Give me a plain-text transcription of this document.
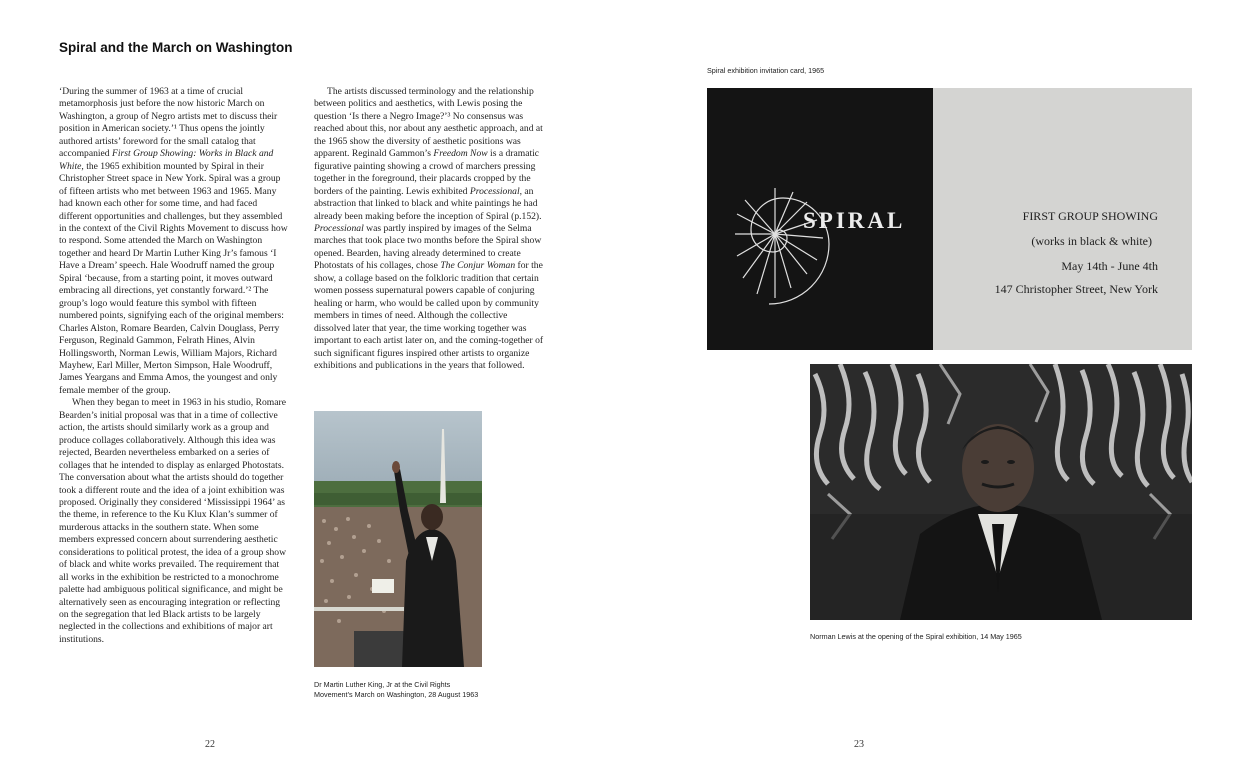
Spiral and the March on Washington

‘During the summer of 1963 at a time of crucial metamorphosis just before the now historic March on Washington, a group of Negro artists met to discuss their position in American society.’¹ Thus opens the jointly authored artists’ foreword for the small catalog that accompanied First Group Showing: Works in Black and White, the 1965 exhibition mounted by Spiral in their Christopher Street space in New York. Spiral was a group of fifteen artists who met between 1963 and 1965. Many had known each other for some time, and had faced different opportunities and challenges, but they assembled in the context of the Civil Rights Movement to discuss how to respond. Some attended the March on Washington together and heard Dr Martin Luther King Jr’s famous ‘I Have a Dream’ speech. Hale Woodruff named the group Spiral ‘because, from a starting point, it moves outward embracing all directions, yet constantly forward.’² The group’s logo would feature this symbol with fifteen numbered points, signifying each of the original members: Charles Alston, Romare Bearden, Calvin Douglass, Perry Ferguson, Reginald Gammon, Felrath Hines, Alvin Hollingsworth, Norman Lewis, William Majors, Richard Mayhew, Earl Miller, Merton Simpson, Hale Woodruff, James Yeargans and Emma Amos, the youngest and only female member of the group.

When they began to meet in 1963 in his studio, Romare Bearden’s initial proposal was that in a time of collective action, the artists should similarly work as a group and produce collages collaboratively. Although this idea was rejected, Bearden nevertheless embarked on a series of collages that he intended to display as enlarged Photostats. The conversation about what the artists should do together took a different route and the idea of a joint exhibition was proposed. Originally they considered ‘Mississippi 1964’ as the theme, in reference to the Ku Klux Klan’s summer of murderous attacks in the southern state. When some members expressed concern about surrendering aesthetic considerations to political protest, the idea of a group show of black and white works prevailed. The requirement that all works in the exhibition be restricted to a monochrome palette had ambiguous political significance, and might be alternatively seen as encouraging integration or reflecting on the segregation that led Black artists to be largely neglected in the collections and exhibitions of major art institutions.

The artists discussed terminology and the relationship between politics and aesthetics, with Lewis posing the question ‘Is there a Negro Image?’³ No consensus was reached about this, nor about any aesthetic approach, and at the 1965 show the diversity of aesthetic positions was apparent. Reginald Gammon’s Freedom Now is a dramatic figurative painting showing a crowd of marchers pressing together in the foreground, their placards cropped by the borders of the painting. Lewis exhibited Processional, an abstraction that linked to black and white paintings he had already been making before the inception of Spiral (p.152). Processional was partly inspired by images of the Selma marches that took place two months before the Spiral show opened. Bearden, having already determined to create Photostats of his collages, chose The Conjur Woman for the show, a collage based on the folkloric tradition that certain women possess supernatural powers capable of conjuring healing or harm, who would be called upon by community members in times of need. Although the collective dissolved later that year, the time working together was important to each artist later on, and the coming-together of such significant figures inspired other artists to organize exhibitions and publications in the years that followed.

Dr Martin Luther King, Jr at the Civil Rights
Movement’s March on Washington, 28 August 1963
22
Spiral exhibition invitation card, 1965
SPIRAL	FIRST GROUP SHOWING
(works in black & white)
May 14th - June 4th
147 Christopher Street, New York
Norman Lewis at the opening of the Spiral exhibition, 14 May 1965
23
